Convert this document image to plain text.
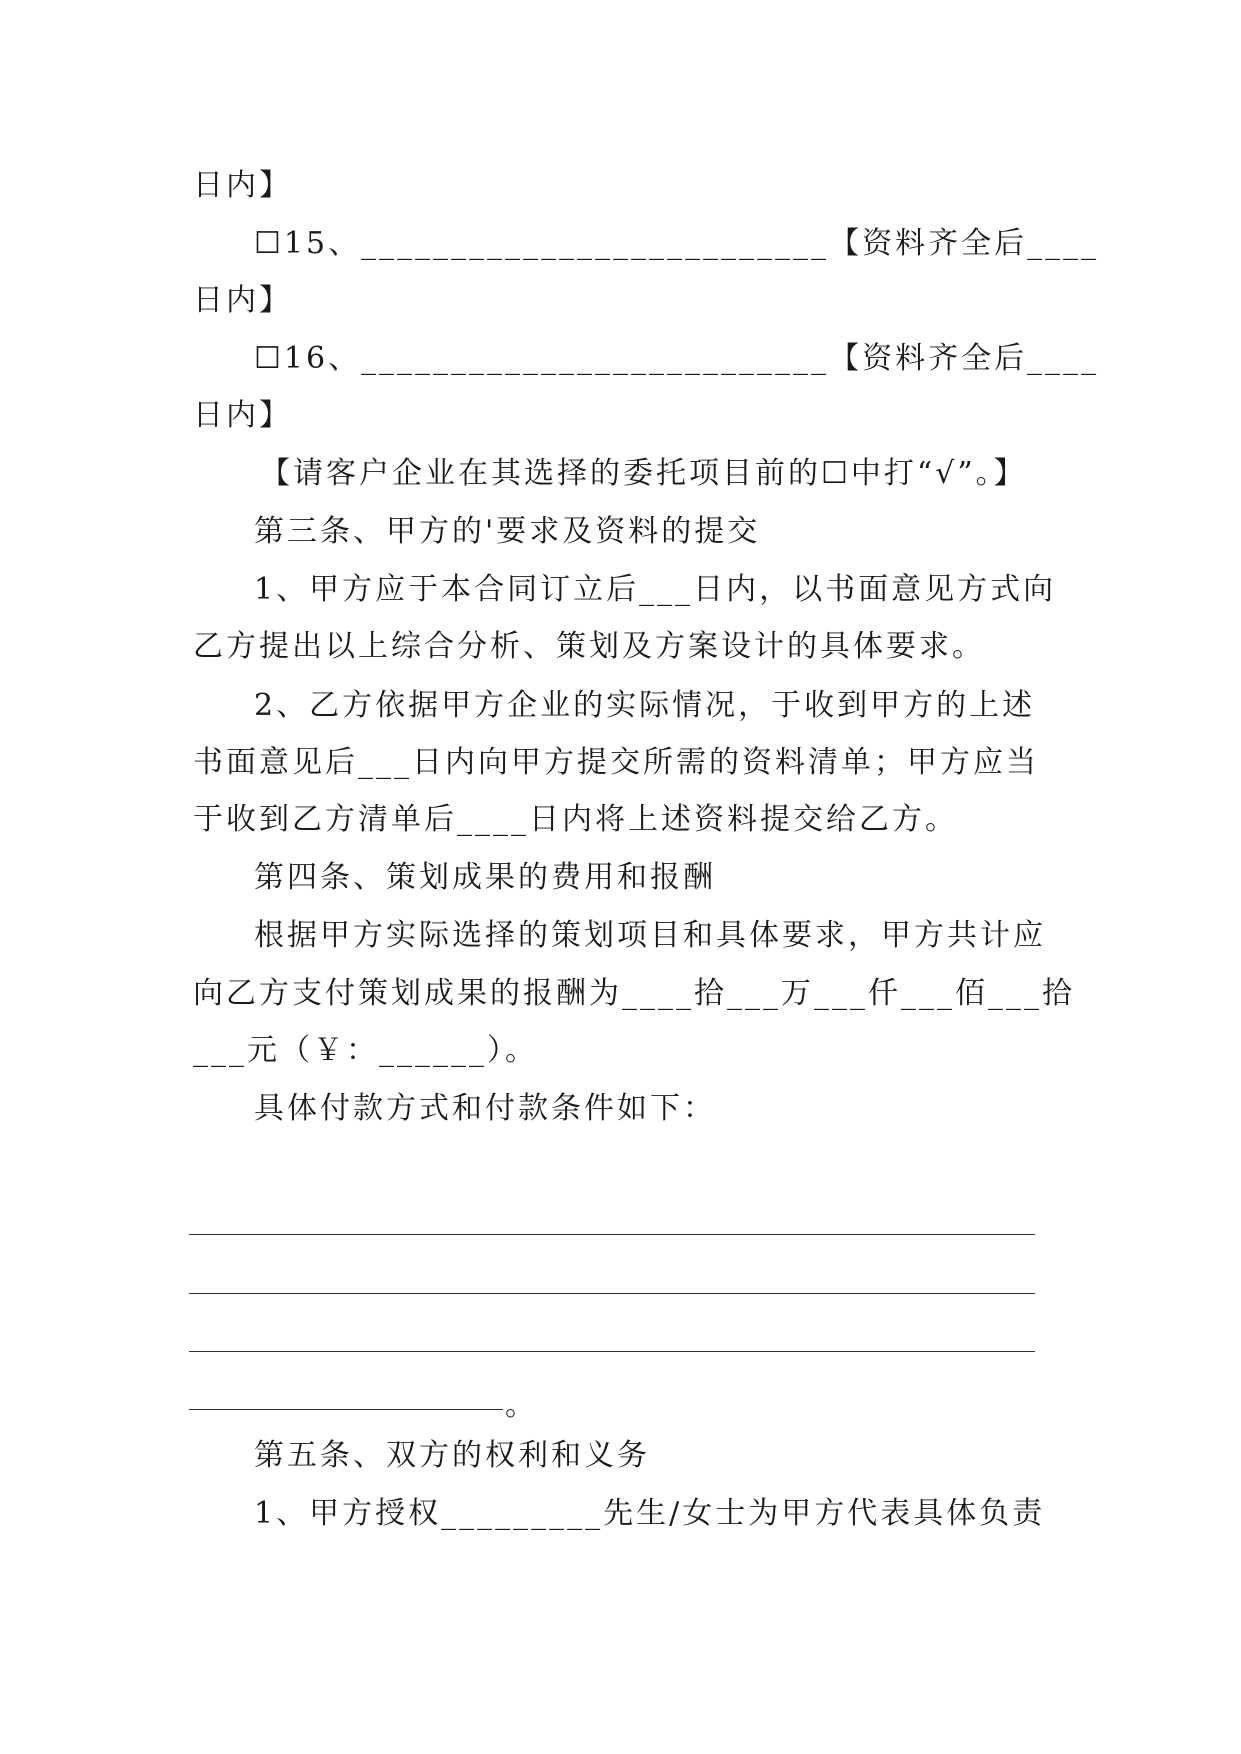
日内】
☐15、__________________________【资料齐全后____
日内】
☐16、__________________________【资料齐全后____
日内】
【请客户企业在其选择的委托项目前的☐中打“√”。】
第三条、甲方的'要求及资料的提交
1、甲方应于本合同订立后___日内，以书面意见方式向
乙方提出以上综合分析、策划及方案设计的具体要求。
2、乙方依据甲方企业的实际情况，于收到甲方的上述
书面意见后___日内向甲方提交所需的资料清单；甲方应当
于收到乙方清单后____日内将上述资料提交给乙方。
第四条、策划成果的费用和报酬
根据甲方实际选择的策划项目和具体要求，甲方共计应
向乙方支付策划成果的报酬为____拾___万___仟___佰___拾
___元（￥：______）。
具体付款方式和付款条件如下：
。
第五条、双方的权利和义务
1、甲方授权_________先生/女士为甲方代表具体负责
